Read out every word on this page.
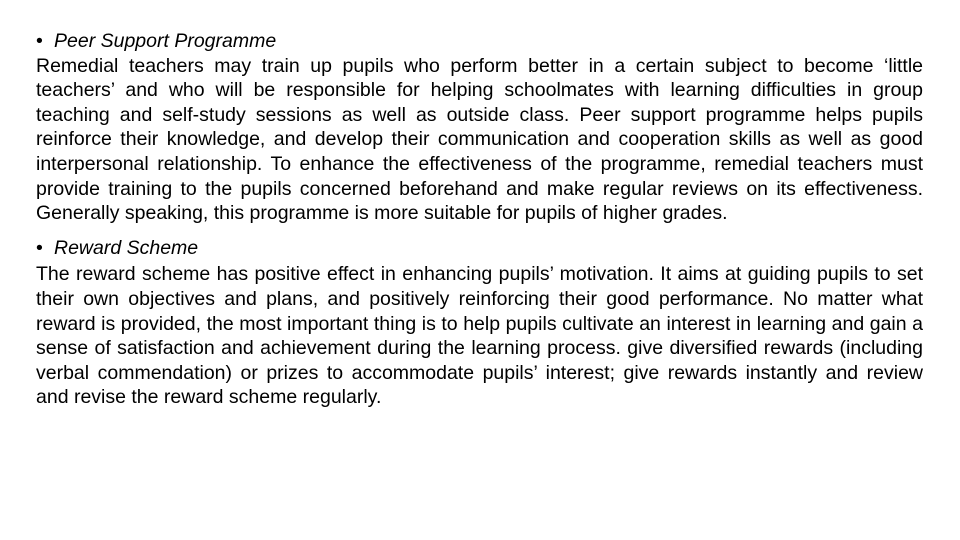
• Peer Support Programme

Remedial teachers may train up pupils who perform better in a certain subject to become ‘little teachers’ and who will be responsible for helping schoolmates with learning difficulties in group teaching and self-study sessions as well as outside class. Peer support programme helps pupils reinforce their knowledge, and develop their communication and cooperation skills as well as good interpersonal relationship. To enhance the effectiveness of the programme, remedial teachers must provide training to the pupils concerned beforehand and make regular reviews on its effectiveness. Generally speaking, this programme is more suitable for pupils of higher grades.

• Reward Scheme

The reward scheme has positive effect in enhancing pupils’ motivation. It aims at guiding pupils to set their own objectives and plans, and positively reinforcing their good performance. No matter what reward is provided, the most important thing is to help pupils cultivate an interest in learning and gain a sense of satisfaction and achievement during the learning process. give diversified rewards (including verbal commendation) or prizes to accommodate pupils’ interest; give rewards instantly and review and revise the reward scheme regularly.
